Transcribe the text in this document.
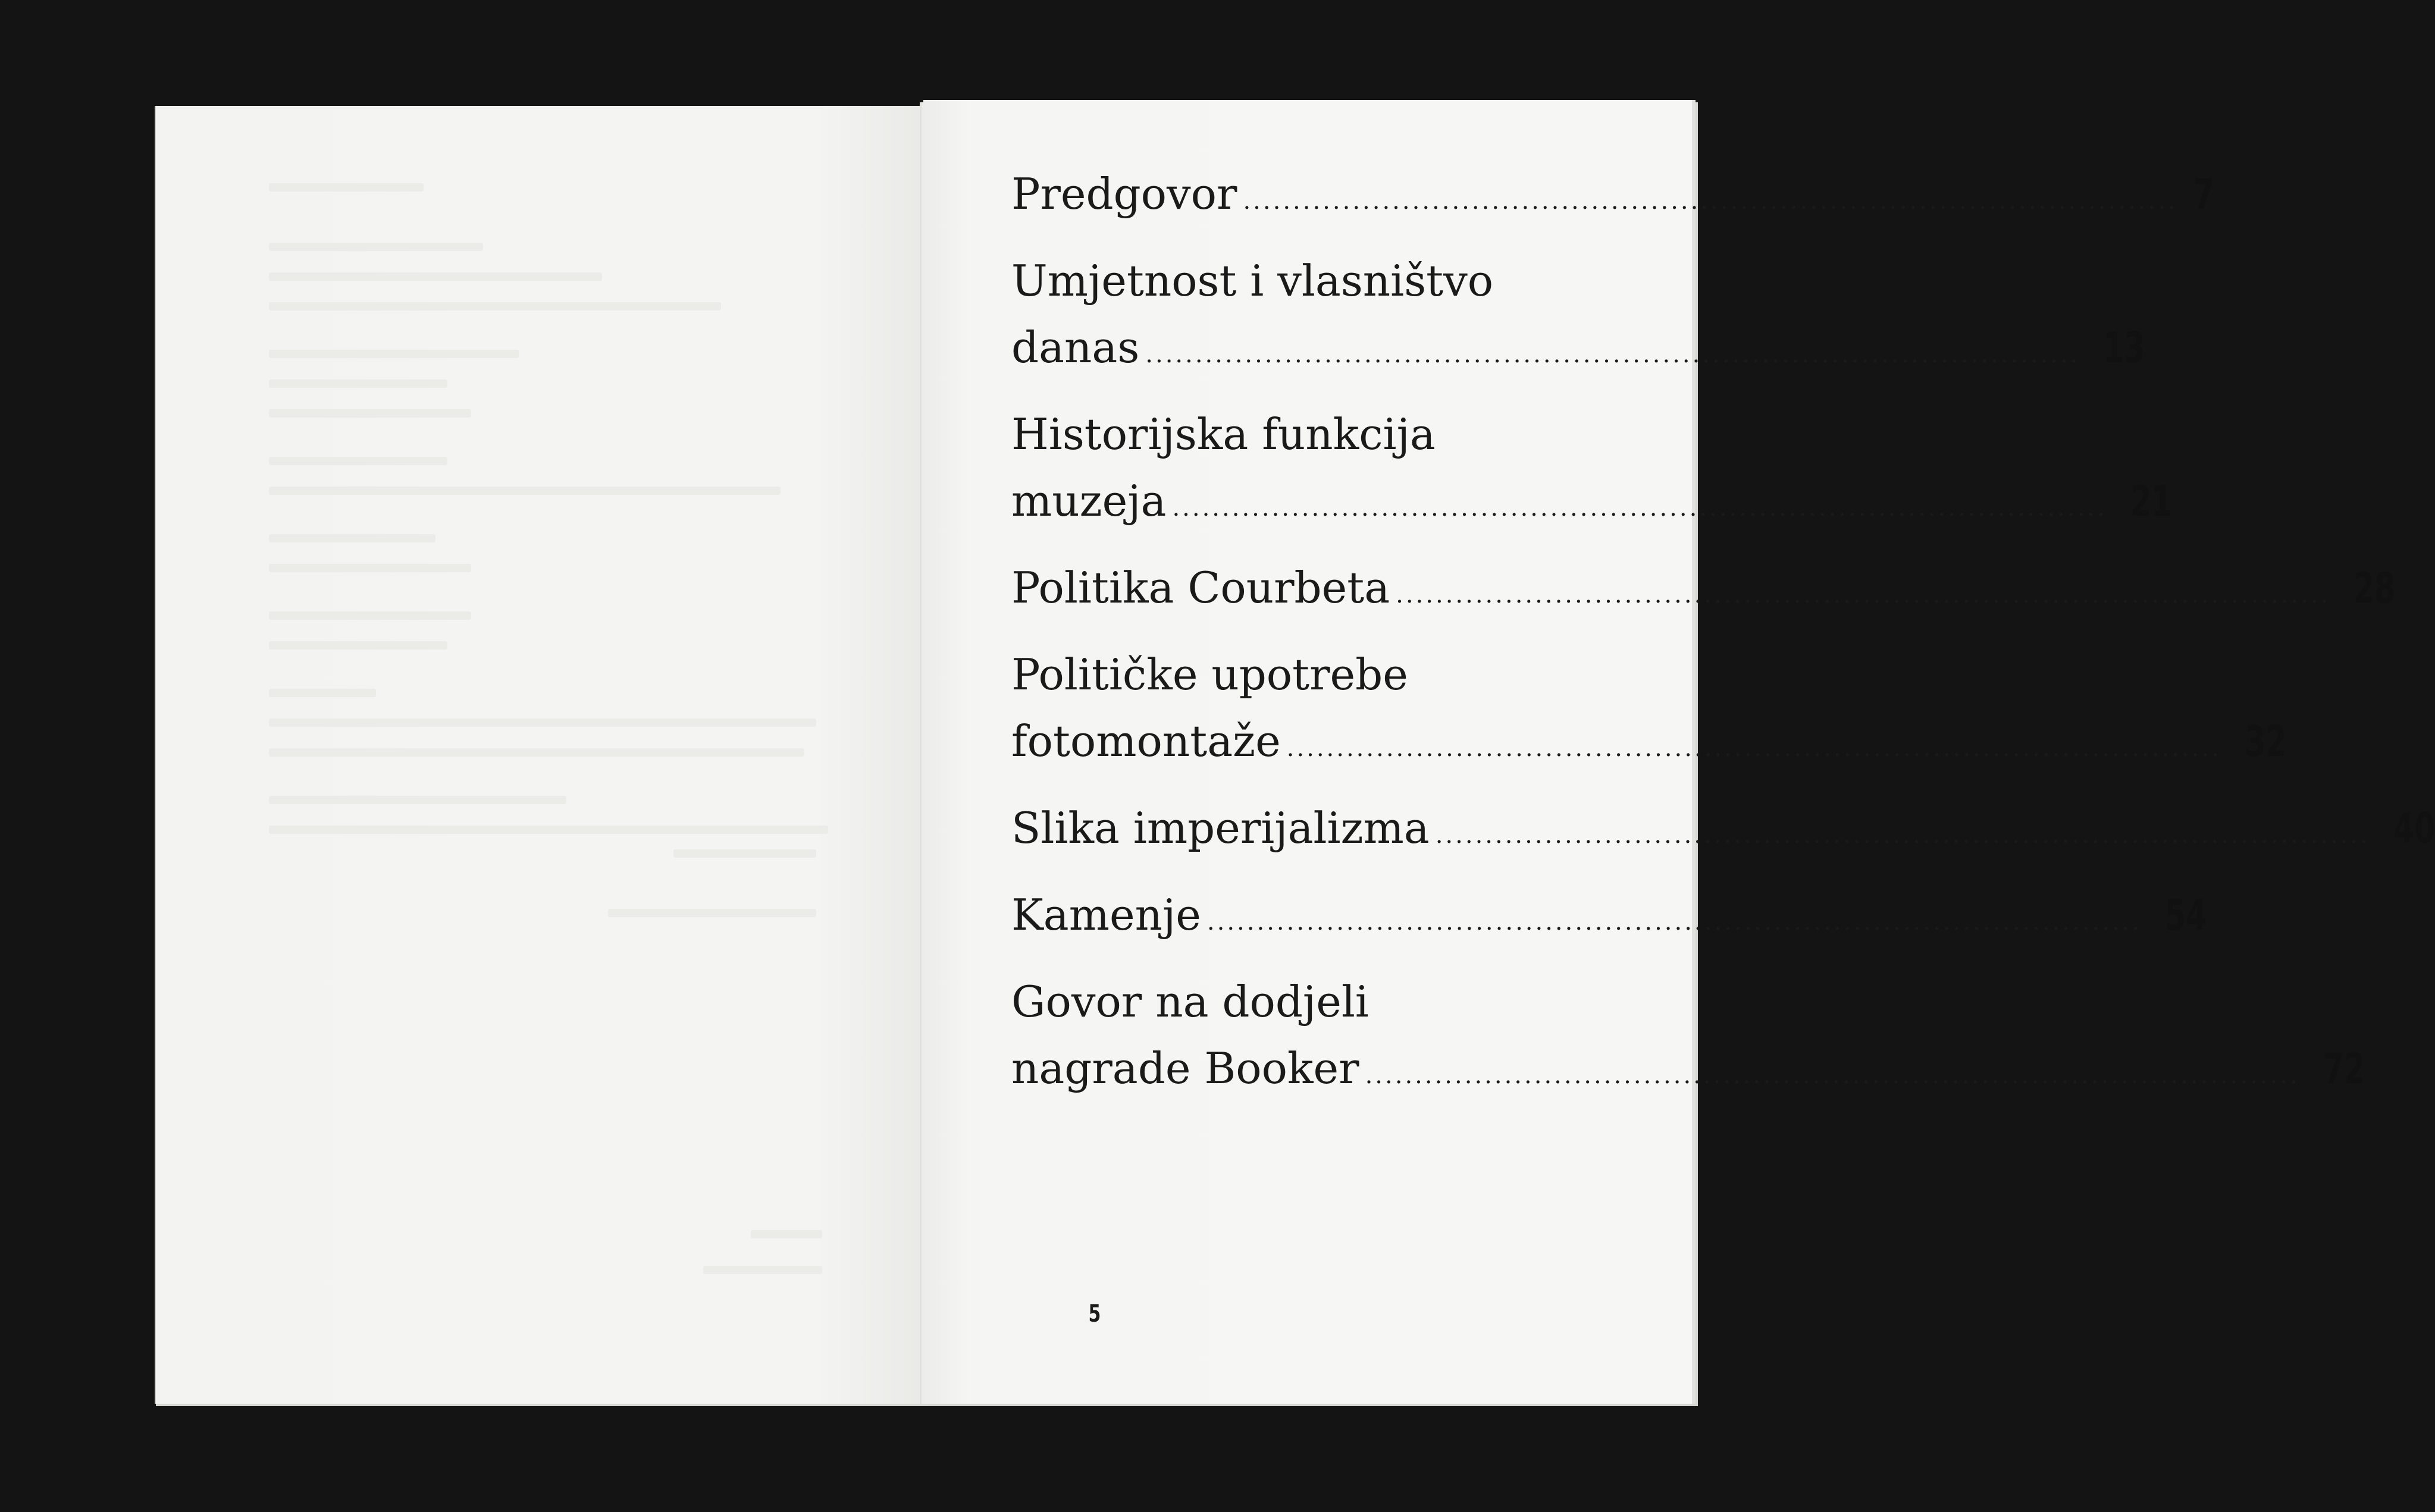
Predgovor .............................................................................................. 7
Umjetnost i vlasništvo
danas .............................................................................................. 13
Historijska funkcija
muzeja .............................................................................................. 21
Politika Courbeta .............................................................................................. 28
Političke upotrebe
fotomontaže .............................................................................................. 32
Slika imperijalizma .............................................................................................. 40
Kamenje .............................................................................................. 54
Govor na dodjeli
nagrade Booker .............................................................................................. 72
5
